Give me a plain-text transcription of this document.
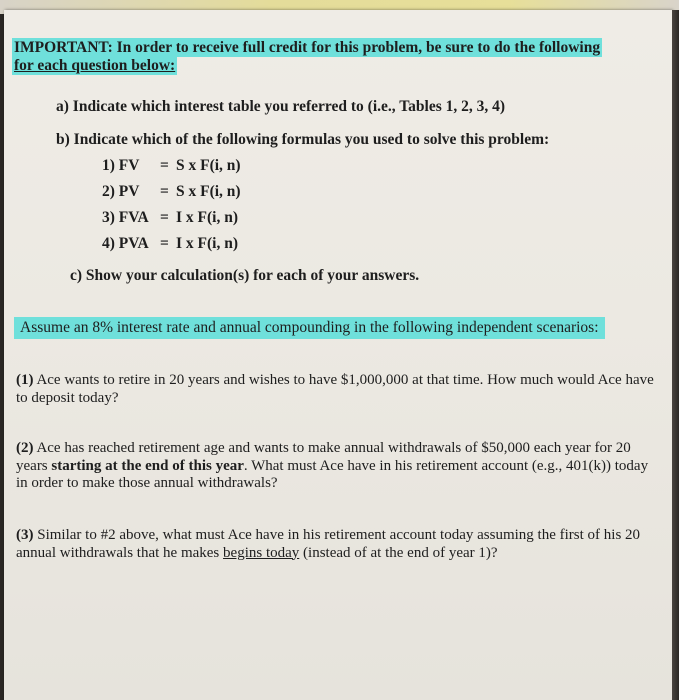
IMPORTANT: In order to receive full credit for this problem, be sure to do the following
for each question below:
a) Indicate which interest table you referred to (i.e., Tables 1, 2, 3, 4)
b) Indicate which of the following formulas you used to solve this problem:
1) FV = S x F(i, n)
2) PV = S x F(i, n)
3) FVA = I x F(i, n)
4) PVA = I x F(i, n)
c) Show your calculation(s) for each of your answers.
Assume an 8% interest rate and annual compounding in the following independent scenarios:
(1) Ace wants to retire in 20 years and wishes to have $1,000,000 at that time. How much would Ace have to deposit today?
(2) Ace has reached retirement age and wants to make annual withdrawals of $50,000 each year for 20 years starting at the end of this year. What must Ace have in his retirement account (e.g., 401(k)) today in order to make those annual withdrawals?
(3) Similar to #2 above, what must Ace have in his retirement account today assuming the first of his 20 annual withdrawals that he makes begins today (instead of at the end of year 1)?
